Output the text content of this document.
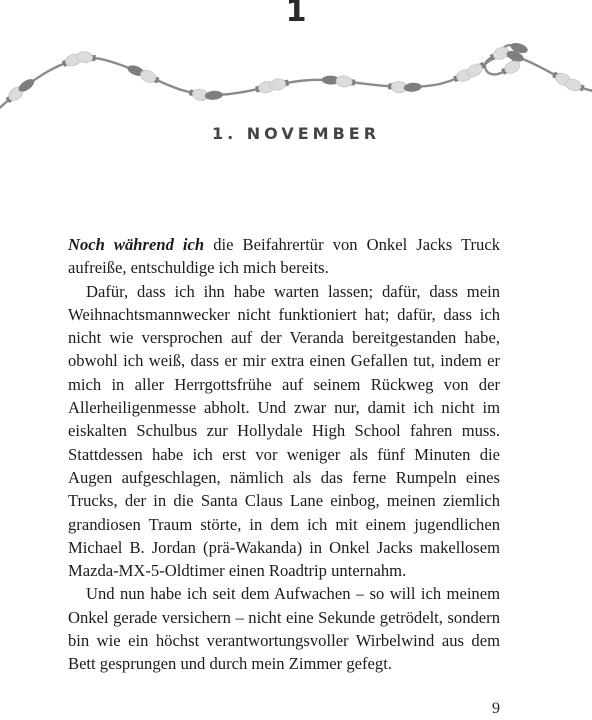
1
1. NOVEMBER

Noch während ich die Beifahrertür von Onkel Jacks Truck aufreiße, entschuldige ich mich bereits.

Dafür, dass ich ihn habe warten lassen; dafür, dass mein Weihnachtsmannwecker nicht funktioniert hat; dafür, dass ich nicht wie versprochen auf der Veranda bereitgestanden habe, obwohl ich weiß, dass er mir extra einen Gefallen tut, indem er mich in aller Herrgottsfrühe auf seinem Rückweg von der Allerheiligenmesse abholt. Und zwar nur, damit ich nicht im eiskalten Schulbus zur Hollydale High School fahren muss. Stattdessen habe ich erst vor weniger als fünf Minuten die Augen aufgeschlagen, nämlich als das ferne Rumpeln eines Trucks, der in die Santa Claus Lane einbog, meinen ziemlich grandiosen Traum störte, in dem ich mit einem jugendlichen Michael B. Jordan (prä-Wakanda) in Onkel Jacks makellosem Mazda-MX-5-Oldtimer einen Roadtrip unternahm.

Und nun habe ich seit dem Aufwachen – so will ich meinem Onkel gerade versichern – nicht eine Sekunde getrödelt, sondern bin wie ein höchst verantwortungsvoller Wirbelwind aus dem Bett gesprungen und durch mein Zimmer gefegt.

9
